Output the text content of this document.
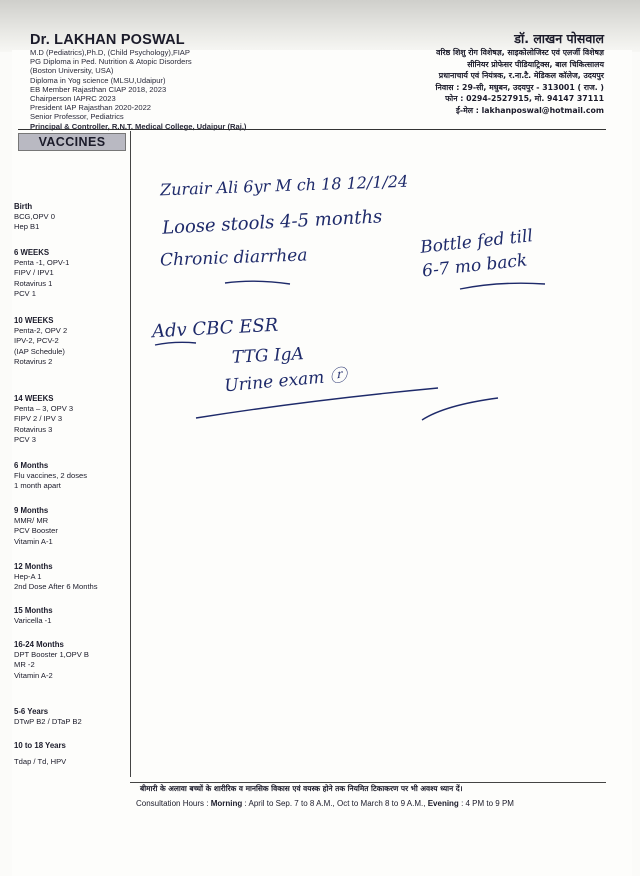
Dr. LAKHAN POSWAL
M.D (Pediatrics),Ph.D, (Child Psychology),FIAP
PG Diploma in Ped. Nutrition & Atopic Disorders
(Boston University, USA)
Diploma in Yog science (MLSU,Udaipur)
EB Member Rajasthan CIAP 2018, 2023
Chairperson IAPRC 2023
President IAP Rajasthan 2020-2022
Senior Professor, Pediatrics
Principal & Controller, R.N.T. Medical College, Udaipur (Raj.)
डॉ. लाखन पोसवाल
वरिष्ठ शिशु रोग विशेषज्ञ, साइकोलोजिस्ट एवं एलर्जी विशेषज्ञ
सीनियर प्रोफेसर पीडियाट्रिक्स, बाल चिकित्सालय
प्रधानाचार्य एवं नियंत्रक, र.ना.टै. मेडिकल कॉलेज, उदयपुर
निवास : 29-सी, मधुबन, उदयपुर - 313001 ( राज. )
फोन : 0294-2527915, मो. 94147 37111
ई-मेल : lakhanposwal@hotmail.com
VACCINES
Birth
BCG,OPV 0
Hep B1
6 WEEKS
Penta -1, OPV-1
FIPV / IPV1
Rotavirus 1
PCV 1
10 WEEKS
Penta-2, OPV 2
IPV-2, PCV-2
(IAP Schedule)
Rotavirus 2
14 WEEKS
Penta – 3, OPV 3
FIPV 2 / IPV 3
Rotavirus 3
PCV 3
6 Months
Flu vaccines, 2 doses
1 month apart
9 Months
MMR/ MR
PCV Booster
Vitamin A-1
12 Months
Hep-A 1
2nd Dose After 6 Months
15 Months
Varicella -1
16-24 Months
DPT Booster 1,OPV B
MR -2
Vitamin A-2
5-6 Years
DTwP B2 / DTaP B2
10 to 18 Years
Tdap / Td, HPV
Zurair Ali 6yr M ch 18 12/1/24
Loose stools 4-5 months
Chronic diarrhea
Bottle fed till
6-7 mo back
Adv CBC ESR
TTG IgA
Urine exam ⓡ
बीमारी के अलावा बच्चों के शारीरिक व मानसिक विकास एवं वयस्क होने तक नियमित टिकाकरण पर भी अवश्य ध्यान दें।
Consultation Hours : Morning : April to Sep. 7 to 8 A.M., Oct to March 8 to 9 A.M., Evening : 4 PM to 9 PM
